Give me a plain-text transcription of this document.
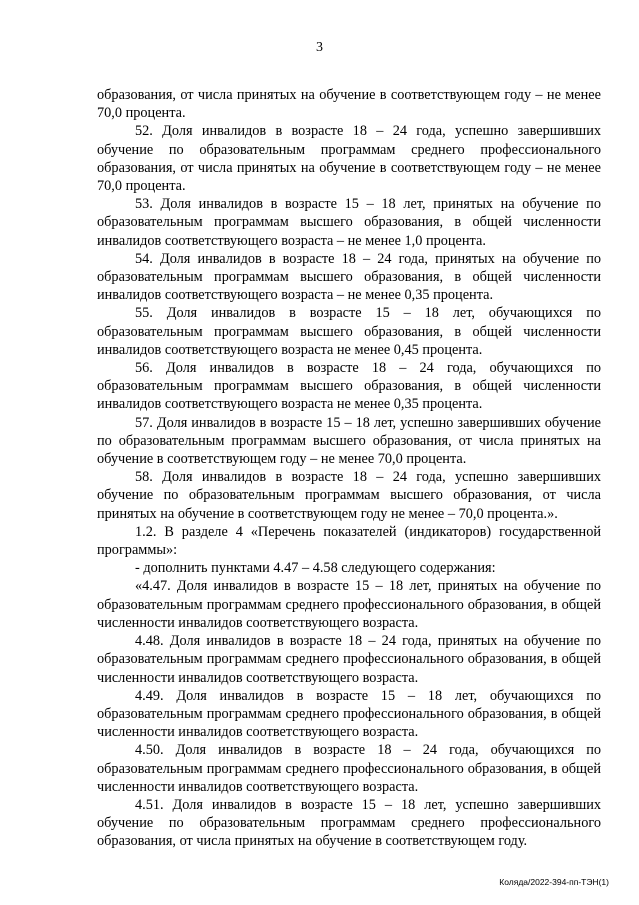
3

образования, от числа принятых на обучение в соответствующем году – не менее 70,0 процента.

52. Доля инвалидов в возрасте 18 – 24 года, успешно завершивших обучение по образовательным программам среднего профессионального образования, от числа принятых на обучение в соответствующем году – не менее 70,0 процента.

53. Доля инвалидов в возрасте 15 – 18 лет, принятых на обучение по образовательным программам высшего образования, в общей численности инвалидов соответствующего возраста – не менее 1,0 процента.

54. Доля инвалидов в возрасте 18 – 24 года, принятых на обучение по образовательным программам высшего образования, в общей численности инвалидов соответствующего возраста – не менее 0,35 процента.

55. Доля инвалидов в возрасте 15 – 18 лет, обучающихся по образовательным программам высшего образования, в общей численности инвалидов соответствующего возраста не менее 0,45 процента.

56. Доля инвалидов в возрасте 18 – 24 года, обучающихся по образовательным программам высшего образования, в общей численности инвалидов соответствующего возраста не менее 0,35 процента.

57. Доля инвалидов в возрасте 15 – 18 лет, успешно завершивших обучение по образовательным программам высшего образования, от числа принятых на обучение в соответствующем году – не менее 70,0 процента.

58. Доля инвалидов в возрасте 18 – 24 года, успешно завершивших обучение по образовательным программам высшего образования, от числа принятых на обучение в соответствующем году не менее – 70,0 процента.».

1.2. В разделе 4 «Перечень показателей (индикаторов) государственной программы»:

- дополнить пунктами 4.47 – 4.58 следующего содержания:

«4.47. Доля инвалидов в возрасте 15 – 18 лет, принятых на обучение по образовательным программам среднего профессионального образования, в общей численности инвалидов соответствующего возраста.

4.48. Доля инвалидов в возрасте 18 – 24 года, принятых на обучение по образовательным программам среднего профессионального образования, в общей численности инвалидов соответствующего возраста.

4.49. Доля инвалидов в возрасте 15 – 18 лет, обучающихся по образовательным программам среднего профессионального образования, в общей численности инвалидов соответствующего возраста.

4.50. Доля инвалидов в возрасте 18 – 24 года, обучающихся по образовательным программам среднего профессионального образования, в общей численности инвалидов соответствующего возраста.

4.51. Доля инвалидов в возрасте 15 – 18 лет, успешно завершивших обучение по образовательным программам среднего профессионального образования, от числа принятых на обучение в соответствующем году.

Коляда/2022-394-пп-ТЭН(1)
